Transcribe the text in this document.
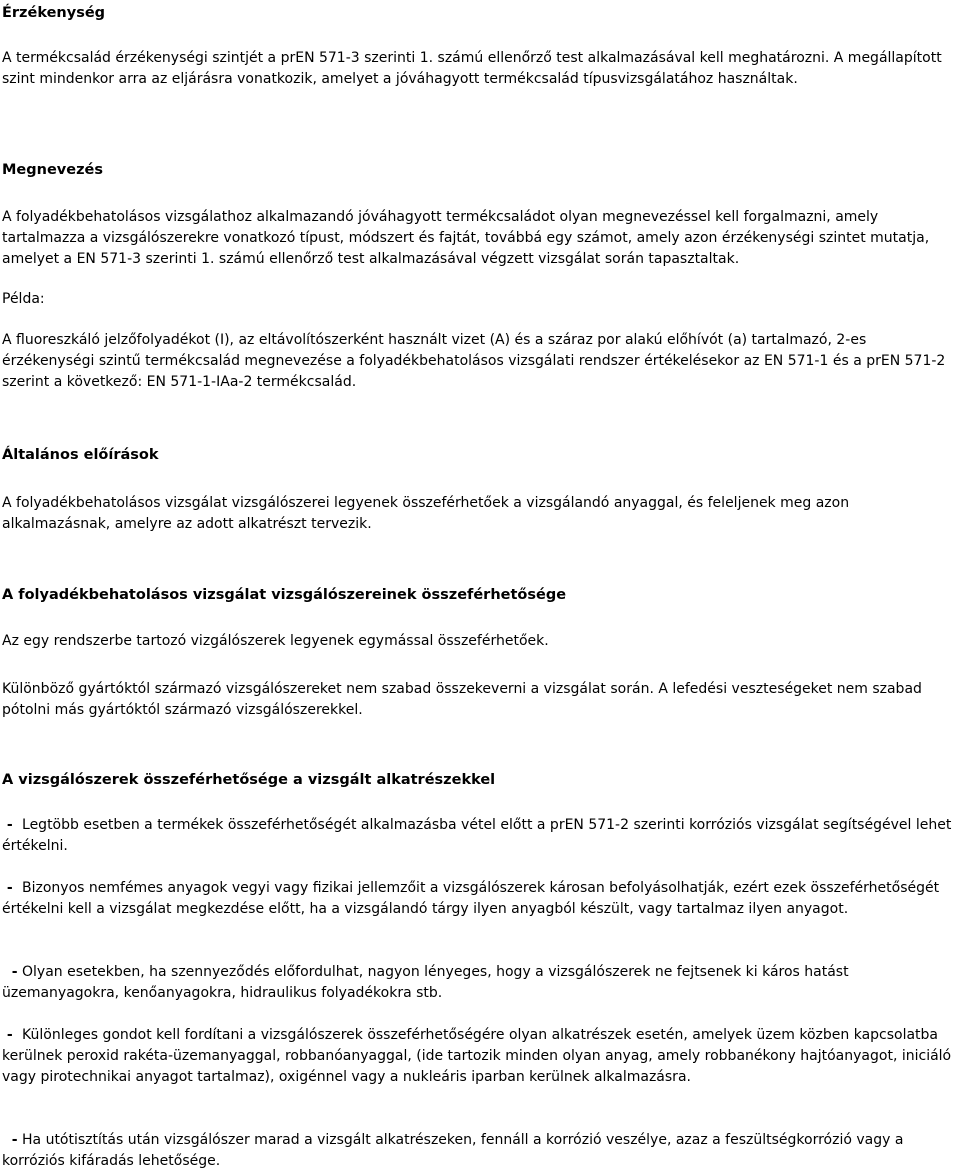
Érzékenység

A termékcsalád érzékenységi szintjét a prEN 571-3 szerinti 1. számú ellenőrző test alkalmazásával kell meghatározni. A megállapított szint mindenkor arra az eljárásra vonatkozik, amelyet a jóváhagyott termékcsalád típusvizsgálatához használtak.

Megnevezés

A folyadékbehatolásos vizsgálathoz alkalmazandó jóváhagyott termékcsaládot olyan megnevezéssel kell forgalmazni, amely tartalmazza a vizsgálószerekre vonatkozó típust, módszert és fajtát, továbbá egy számot, amely azon érzékenységi szintet mutatja, amelyet a EN 571-3 szerinti 1. számú ellenőrző test alkalmazásával végzett vizsgálat során tapasztaltak.

Példa:

A fluoreszkáló jelzőfolyadékot (I), az eltávolítószerként használt vizet (A) és a száraz por alakú előhívót (a) tartalmazó, 2-es érzékenységi szintű termékcsalád megnevezése a folyadékbehatolásos vizsgálati rendszer értékelésekor az EN 571-1 és a prEN 571-2 szerint a következő: EN 571-1-IAa-2 termékcsalád.

Általános előírások

A folyadékbehatolásos vizsgálat vizsgálószerei legyenek összeférhetőek a vizsgálandó anyaggal, és feleljenek meg azon alkalmazásnak, amelyre az adott alkatrészt tervezik.

A folyadékbehatolásos vizsgálat vizsgálószereinek összeférhetősége

Az egy rendszerbe tartozó vizgálószerek legyenek egymással összeférhetőek.

Különböző gyártóktól származó vizsgálószereket nem szabad összekeverni a vizsgálat során. A lefedési veszteségeket nem szabad pótolni más gyártóktól származó vizsgálószerekkel.

A vizsgálószerek összeférhetősége a vizsgált alkatrészekkel

-  Legtöbb esetben a termékek összeférhetőségét alkalmazásba vétel előtt a prEN 571-2 szerinti korróziós vizsgálat segítségével lehet értékelni.

-  Bizonyos nemfémes anyagok vegyi vagy fizikai jellemzőit a vizsgálószerek károsan befolyásolhatják, ezért ezek összeférhetőségét értékelni kell a vizsgálat megkezdése előtt, ha a vizsgálandó tárgy ilyen anyagból készült, vagy tartalmaz ilyen anyagot.

- Olyan esetekben, ha szennyeződés előfordulhat, nagyon lényeges, hogy a vizsgálószerek ne fejtsenek ki káros hatást üzemanyagokra, kenőanyagokra, hidraulikus folyadékokra stb.

-  Különleges gondot kell fordítani a vizsgálószerek összeférhetőségére olyan alkatrészek esetén, amelyek üzem közben kapcsolatba kerülnek peroxid rakéta-üzemanyaggal, robbanóanyaggal, (ide tartozik minden olyan anyag, amely robbanékony hajtóanyagot, iniciáló vagy pirotechnikai anyagot tartalmaz), oxigénnel vagy a nukleáris iparban kerülnek alkalmazásra.

- Ha utótisztítás után vizsgálószer marad a vizsgált alkatrészeken, fennáll a korrózió veszélye, azaz a feszültségkorrózió vagy a korróziós kifáradás lehetősége.
